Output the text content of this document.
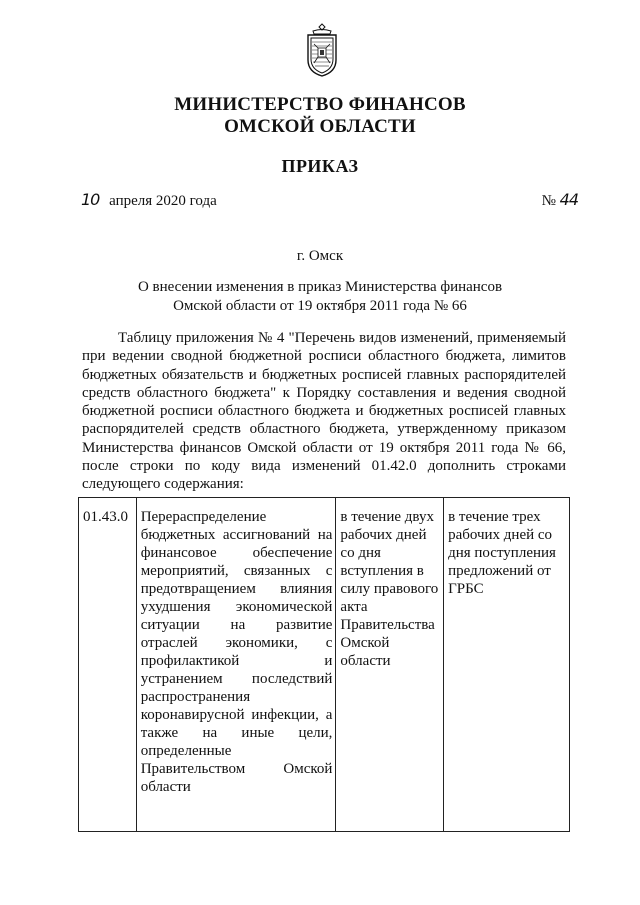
МИНИСТЕРСТВО ФИНАНСОВ
ОМСКОЙ ОБЛАСТИ
ПРИКАЗ
10 апреля 2020 года	№ 44
г. Омск
О внесении изменения в приказ Министерства финансов
Омской области от 19 октября 2011 года № 66
Таблицу приложения № 4 "Перечень видов изменений, применяемый при ведении сводной бюджетной росписи областного бюджета, лимитов бюджетных обязательств и бюджетных росписей главных распорядителей средств областного бюджета" к Порядку составления и ведения сводной бюджетной росписи областного бюджета и бюджетных росписей главных распорядителей средств областного бюджета, утвержденному приказом Министерства финансов Омской области от 19 октября 2011 года № 66, после строки по коду вида изменений 01.42.0 дополнить строками следующего содержания:
01.43.0	Перераспределение бюджетных ассигнований на финансовое обеспечение мероприятий, связанных с предотвращением влияния ухудшения экономической ситуации на развитие отраслей экономики, с профилактикой и устранением последствий распространения коронавирусной инфекции, а также на иные цели, определенные Правительством Омской области	в течение двух рабочих дней со дня вступления в силу правового акта Правительства Омской области	в течение трех рабочих дней со дня поступления предложений от ГРБС
